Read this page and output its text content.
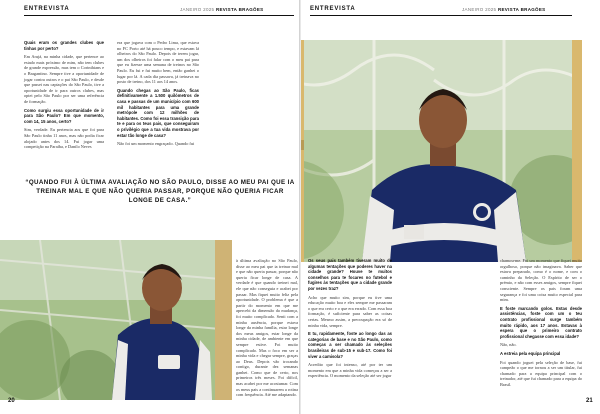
ENTREVISTA	JANEIRO 2025 REVISTA BRAGÕES

Quais eram os grandes clubes que tinhas por perto?

Em Arujá, na minha cidade, que pertence ao estado mais próximo de mim, não tem clubes de grande expressão, mas tem o Corinthians e o Bragantino. Sempre tive a oportunidade de jogar contra outros e o pai São Paulo, e desde que passei nas captações do São Paulo, tive a oportunidade de ir para outros clubes, mas optei pelo São Paulo por ser uma referência de formação.

Como surgiu essa oportunidade de ir para São Paulo? Em que momento, com 14, 15 anos, certo?

Sim, verdade. Eu pertencia aos que foi para São Paulo tinha 11 anos, mas não podia ficar alojado antes dos 14. Fui jogar uma competição na Paraíba, e Danilo Neves

era que jogava com o Pedro Lima, que estava no FC Porto até há pouco tempo, e estavam lá olheiros do São Paulo. Depois de terem jogar, um dos olheiros foi falar com o meu pai para que eu fizesse uma semana de treinos no São Paulo. Eu fui e fui muito bem, então ganhei o lugar por lá. A cada dia passava, já treinava no posto de treino, dos 11 aos 14 anos.

Quando chegas ao São Paulo, ficas definitivamente a 1.500 quilómetros de casa e passas de um município com 600 mil habitantes para uma grande metrópole com 12 milhões de habitantes. Como foi essa transição para te e para os teus pais, que conseguiram o privilégio que a tua vida mostrava por estar tão longe de casa?

Não foi um momento engraçado. Quando fui

“QUANDO FUI À ÚLTIMA AVALIAÇÃO NO SÃO PAULO, DISSE AO MEU PAI QUE IA TREINAR MAL E QUE NÃO QUERIA PASSAR, PORQUE NÃO QUERIA FICAR LONGE DE CASA.”

à última avaliação no São Paulo, disse ao meu pai que ia treinar mal e que não queria passar, porque não queria ficar longe de casa. A verdade é que quando treinei mal, ele que não conseguia e acabei por passar. Mas fiquei muito feliz pela oportunidade. O problema é que a partir do momento em que me apercebi da dimensão da mudança, foi muito complicado. Senti com a minha ausência, porque estava longe da minha família, estar longe dos meus amigos, estar longe da minha cidade, de ambiente em que sempre estive. Foi muito complicado. Mas o foco em ser a minha vida e chegar sempre, graças ao Deus. Depois vão trocando contigo, durante dez semanas ganhei. Como que de certo, nos primeiros três meses. Foi difícil, mas acabei por me acostumar. Com os meus pais a continuarem a rotina com frequência. Até me adaptando.

20
ENTREVISTA	JANEIRO 2025 REVISTA BRAGÕES

Os seus pais também tiveram muito de algumas tentações que poderes haver na cidade grande? Houve te muitos conselhos para te focares no futebol e fugires às tentações que a cidade grande por vezes traz?

Acho que muito sim, porque eu tive uma educação muito boa e eles sempre me passaram o que era certo e o que era errado. Com essa boa formação, é suficiente para saber as coisas certas. Mesmo assim, a preocupação era só de minha vida, sempre.

E tu, rapidamente, foste ao longo das as categorias de base e no São Paulo, como começas a ser chamado às seleções brasileiras de sub-15 e sub-17. Como foi viver a camisola?

Acredito que foi intenso, até por ter um momento em que a minha vida começou a ser a experiência. O momento da seleção até ser jogar

chamou-me. Foi um momento que fiquei muito orgulhoso, porque não imaginava. Saber que estava preparado, como é o nome, e com o caminho da Seleção. O Espírito de ser o prémio, e não com esses amigos, sempre fiquei consciente. Sempre os pais foram uma segurança e foi uma coisa muito especial para mim.

E foste marcando golos. Estas desde assistências, foste com um o teu contrato profissional surge também muito rápido, aos 17 anos. Estavas à espera que o primeiro contrato profissional chegasse com essa idade?

Não, não.

A estreia pela equipa principal

Foi quando joguei pela seleção de base, fui campeão o que me tornou a ser um titular, fui chamado para a equipa principal com o treinador, até que fui chamado para a equipa do Brasil.

21
